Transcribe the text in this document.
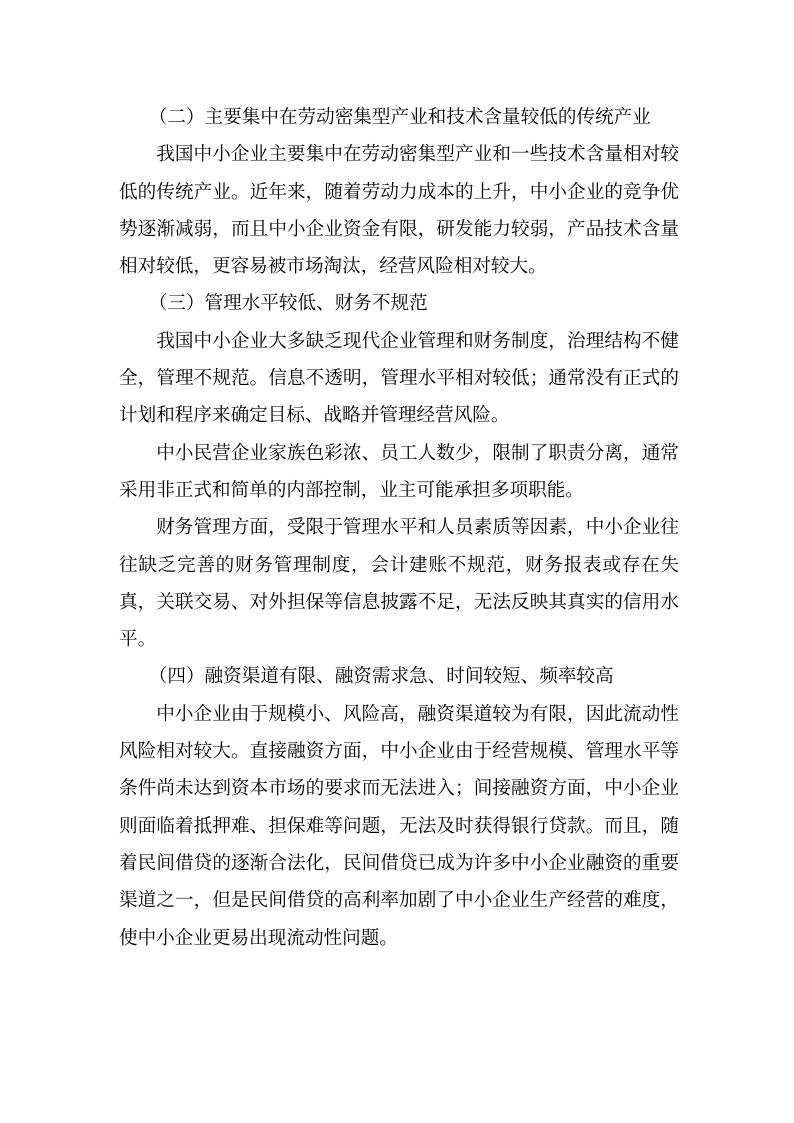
（二）主要集中在劳动密集型产业和技术含量较低的传统产业

我国中小企业主要集中在劳动密集型产业和一些技术含量相对较低的传统产业。近年来，随着劳动力成本的上升，中小企业的竞争优势逐渐减弱，而且中小企业资金有限，研发能力较弱，产品技术含量相对较低，更容易被市场淘汰，经营风险相对较大。

（三）管理水平较低、财务不规范

我国中小企业大多缺乏现代企业管理和财务制度，治理结构不健全，管理不规范。信息不透明，管理水平相对较低；通常没有正式的计划和程序来确定目标、战略并管理经营风险。

中小民营企业家族色彩浓、员工人数少，限制了职责分离，通常采用非正式和简单的内部控制，业主可能承担多项职能。

财务管理方面，受限于管理水平和人员素质等因素，中小企业往往缺乏完善的财务管理制度，会计建账不规范，财务报表或存在失真，关联交易、对外担保等信息披露不足，无法反映其真实的信用水平。

（四）融资渠道有限、融资需求急、时间较短、频率较高

中小企业由于规模小、风险高，融资渠道较为有限，因此流动性风险相对较大。直接融资方面，中小企业由于经营规模、管理水平等条件尚未达到资本市场的要求而无法进入；间接融资方面，中小企业则面临着抵押难、担保难等问题，无法及时获得银行贷款。而且，随着民间借贷的逐渐合法化，民间借贷已成为许多中小企业融资的重要渠道之一，但是民间借贷的高利率加剧了中小企业生产经营的难度，使中小企业更易出现流动性问题。
